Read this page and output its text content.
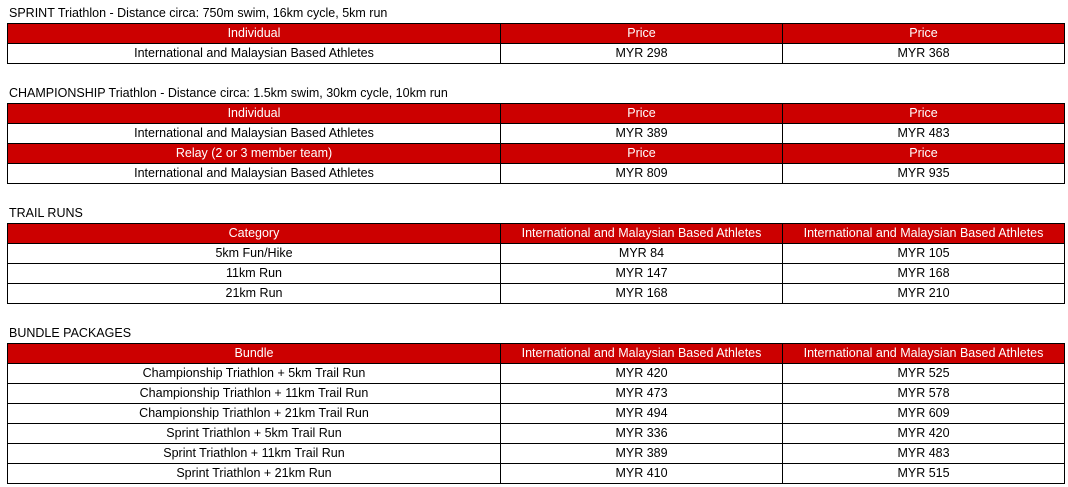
SPRINT Triathlon - Distance circa: 750m swim, 16km cycle, 5km run
Individual	Price	Price
International and Malaysian Based Athletes	MYR 298	MYR 368
CHAMPIONSHIP Triathlon - Distance circa: 1.5km swim, 30km cycle, 10km run
Individual	Price	Price
International and Malaysian Based Athletes	MYR 389	MYR 483
Relay (2 or 3 member team)	Price	Price
International and Malaysian Based Athletes	MYR 809	MYR 935
TRAIL RUNS
Category	International and Malaysian Based Athletes	International and Malaysian Based Athletes
5km Fun/Hike	MYR 84	MYR 105
11km Run	MYR 147	MYR 168
21km Run	MYR 168	MYR 210
BUNDLE PACKAGES
Bundle	International and Malaysian Based Athletes	International and Malaysian Based Athletes
Championship Triathlon + 5km Trail Run	MYR 420	MYR 525
Championship Triathlon + 11km Trail Run	MYR 473	MYR 578
Championship Triathlon + 21km Trail Run	MYR 494	MYR 609
Sprint Triathlon + 5km Trail Run	MYR 336	MYR 420
Sprint Triathlon + 11km Trail Run	MYR 389	MYR 483
Sprint Triathlon + 21km Run	MYR 410	MYR 515
